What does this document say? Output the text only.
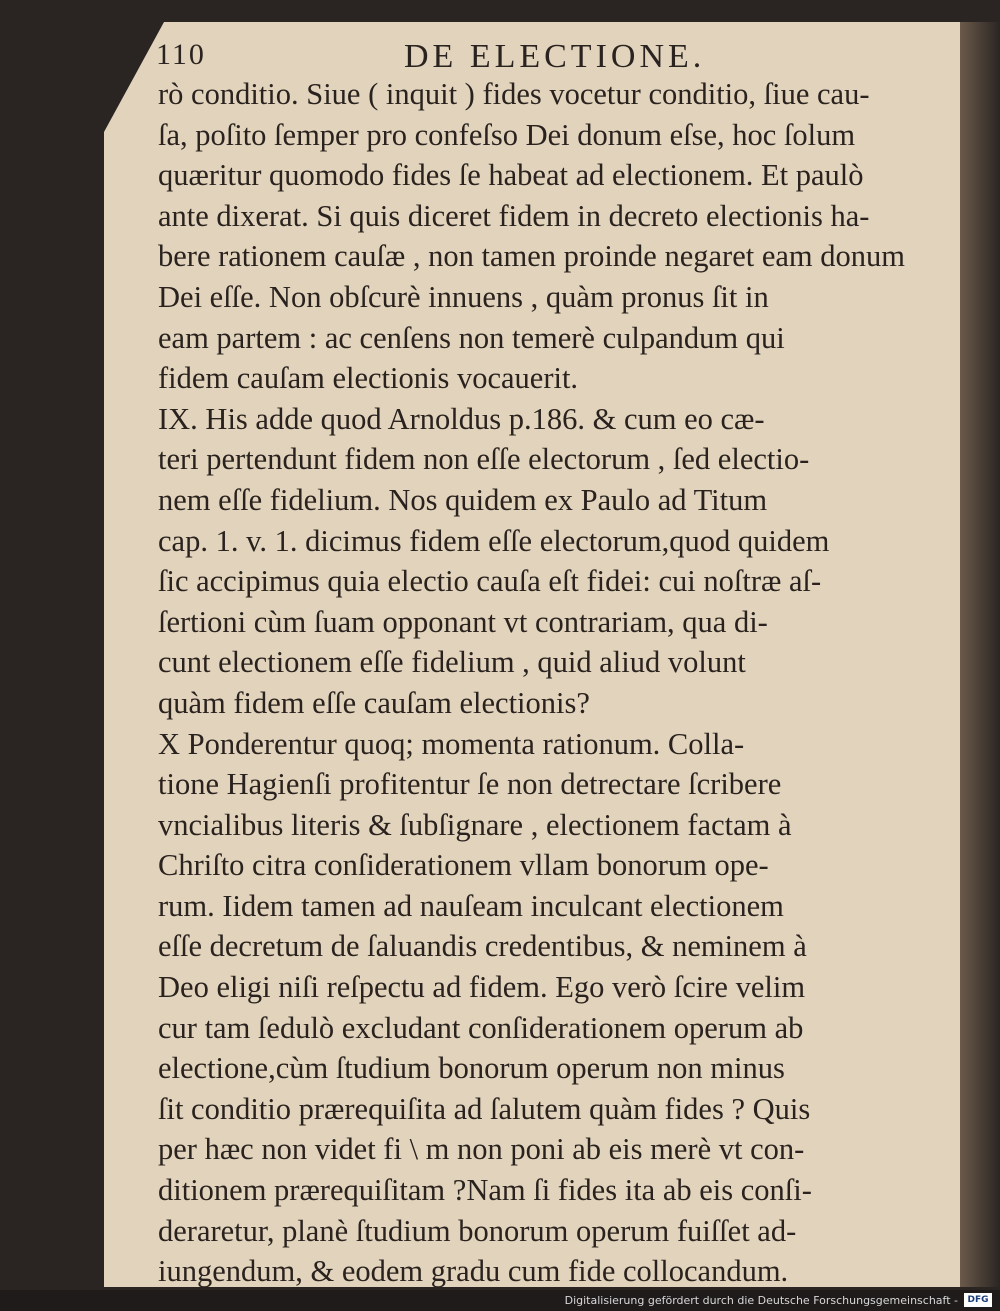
110	DE ELECTIONE.
rò conditio. Siue ( inquit ) fides vocetur conditio, ſiue cau-
ſa, poſito ſemper pro confeſso Dei donum eſse, hoc ſolum
quæritur quomodo fides ſe habeat ad electionem. Et paulò
ante dixerat. Si quis diceret fidem in decreto electionis ha-
bere rationem cauſæ , non tamen proinde negaret eam donum
Dei eſſe. Non obſcurè innuens , quàm pronus ſit in
eam partem : ac cenſens non temerè culpandum qui
fidem cauſam electionis vocauerit.
IX. His adde quod Arnoldus p.186. & cum eo cæ-
teri pertendunt fidem non eſſe electorum , ſed electio-
nem eſſe fidelium. Nos quidem ex Paulo ad Titum
cap. 1. v. 1. dicimus fidem eſſe electorum,quod quidem
ſic accipimus quia electio cauſa eſt fidei: cui noſtræ aſ-
ſertioni cùm ſuam opponant vt contrariam, qua di-
cunt electionem eſſe fidelium , quid aliud volunt
quàm fidem eſſe cauſam electionis?
X Ponderentur quoq; momenta rationum. Colla-
tione Hagienſi profitentur ſe non detrectare ſcribere
vncialibus literis & ſubſignare , electionem factam à
Chriſto citra conſiderationem vllam bonorum ope-
rum. Iidem tamen ad nauſeam inculcant electionem
eſſe decretum de ſaluandis credentibus, & neminem à
Deo eligi niſi reſpectu ad fidem. Ego verò ſcire velim
cur tam ſedulò excludant conſiderationem operum ab
electione,cùm ſtudium bonorum operum non minus
ſit conditio prærequiſita ad ſalutem quàm fides ? Quis
per hæc non videt fi \ m non poni ab eis merè vt con-
ditionem prærequiſitam ?Nam ſi fides ita ab eis conſi-
deraretur, planè ſtudium bonorum operum fuiſſet ad-
iungendum, & eodem gradu cum fide collocandum.
Digitalisierung gefördert durch die Deutsche Forschungsgemeinschaft -	DFG
